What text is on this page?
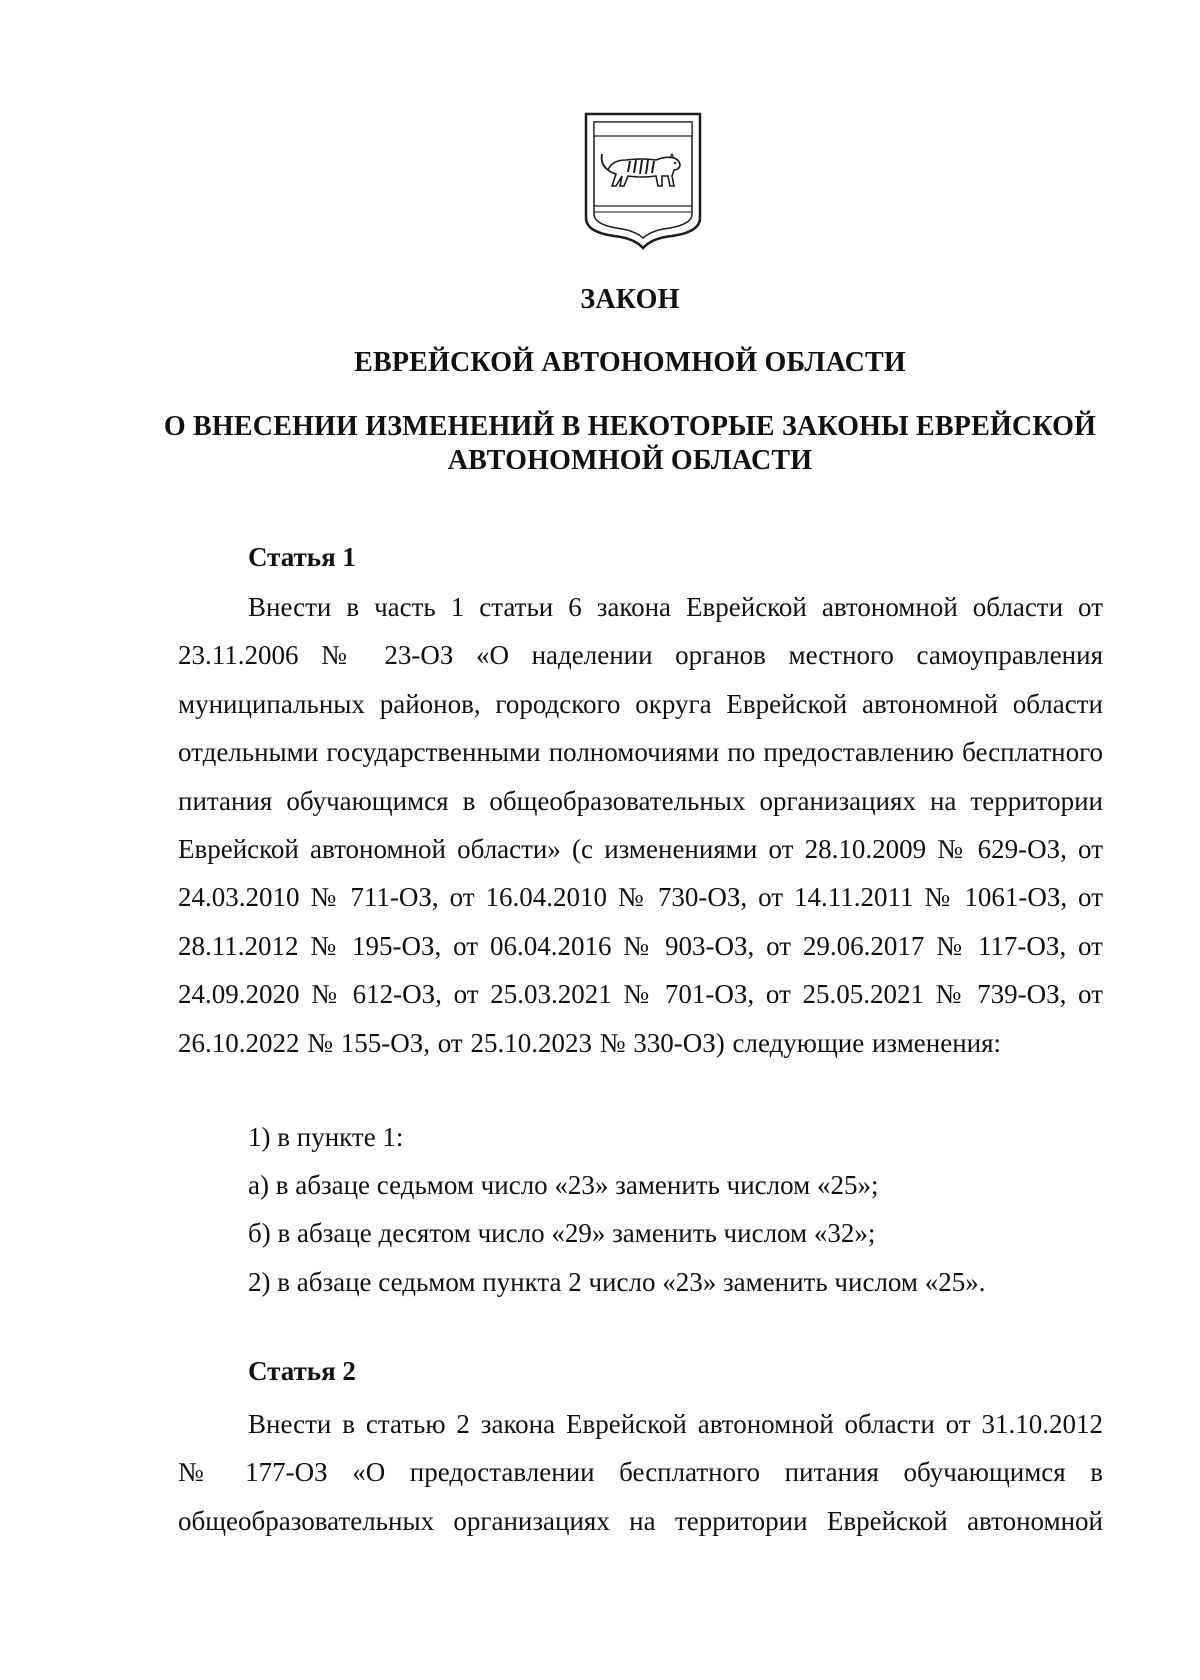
ЗАКОН
ЕВРЕЙСКОЙ АВТОНОМНОЙ ОБЛАСТИ
О ВНЕСЕНИИ ИЗМЕНЕНИЙ В НЕКОТОРЫЕ ЗАКОНЫ ЕВРЕЙСКОЙ АВТОНОМНОЙ ОБЛАСТИ
Статья 1

Внести в часть 1 статьи 6 закона Еврейской автономной области от 23.11.2006 № 23-ОЗ «О наделении органов местного самоуправления муниципальных районов, городского округа Еврейской автономной области отдельными государственными полномочиями по предоставлению бесплатного питания обучающимся в общеобразовательных организациях на территории Еврейской автономной области» (с изменениями от 28.10.2009 № 629-ОЗ, от 24.03.2010 № 711-ОЗ, от 16.04.2010 № 730-ОЗ, от 14.11.2011 № 1061-ОЗ, от 28.11.2012 № 195-ОЗ, от 06.04.2016 № 903-ОЗ, от 29.06.2017 № 117-ОЗ, от 24.09.2020 № 612-ОЗ, от 25.03.2021 № 701-ОЗ, от 25.05.2021 № 739-ОЗ, от 26.10.2022 № 155-ОЗ, от 25.10.2023 № 330-ОЗ) следующие изменения:

1) в пункте 1:
а) в абзаце седьмом число «23» заменить числом «25»;
б) в абзаце десятом число «29» заменить числом «32»;
2) в абзаце седьмом пункта 2 число «23» заменить числом «25».
Статья 2

Внести в статью 2 закона Еврейской автономной области от 31.10.2012 № 177-ОЗ «О предоставлении бесплатного питания обучающимся в общеобразовательных организациях на территории Еврейской автономной
